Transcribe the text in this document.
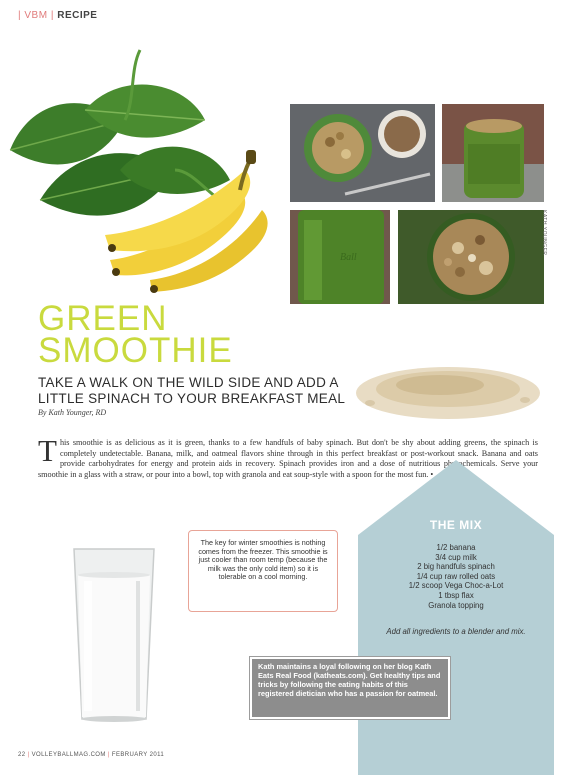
| VBM | RECIPE
Ball
KATH YOUNGER
GREEN
SMOOTHIE
TAKE A WALK ON THE WILD SIDE AND ADD A LITTLE SPINACH TO YOUR BREAKFAST MEAL
By Kath Younger, RD
T his smoothie is as delicious as it is green, thanks to a few handfuls of baby spinach. But don't be shy about adding greens, the spinach is completely undetectable. Banana, milk, and oatmeal flavors shine through in this perfect breakfast or post-workout snack. Banana and oats provide carbohydrates for energy and protein aids in recovery. Spinach provides iron and a dose of nutritious phytochemicals. Serve your smoothie in a glass with a straw, or pour into a bowl, top with granola and eat soup-style with a spoon for the most fun. •
The key for winter smoothies is nothing comes from the freezer. This smoothie is just cooler than room temp (because the milk was the only cold item) so it is tolerable on a cool morning.
THE MIX
1/2 banana
3/4 cup milk
2 big handfuls spinach
1/4 cup raw rolled oats
1/2 scoop Vega Choc-a-Lot
1 tbsp flax
Granola topping
Add all ingredients to a blender and mix.
Kath maintains a loyal following on her blog Kath Eats Real Food (katheats.com). Get healthy tips and tricks by following the eating habits of this registered dietician who has a passion for oatmeal.
22 | VOLLEYBALLMAG.COM | FEBRUARY 2011
